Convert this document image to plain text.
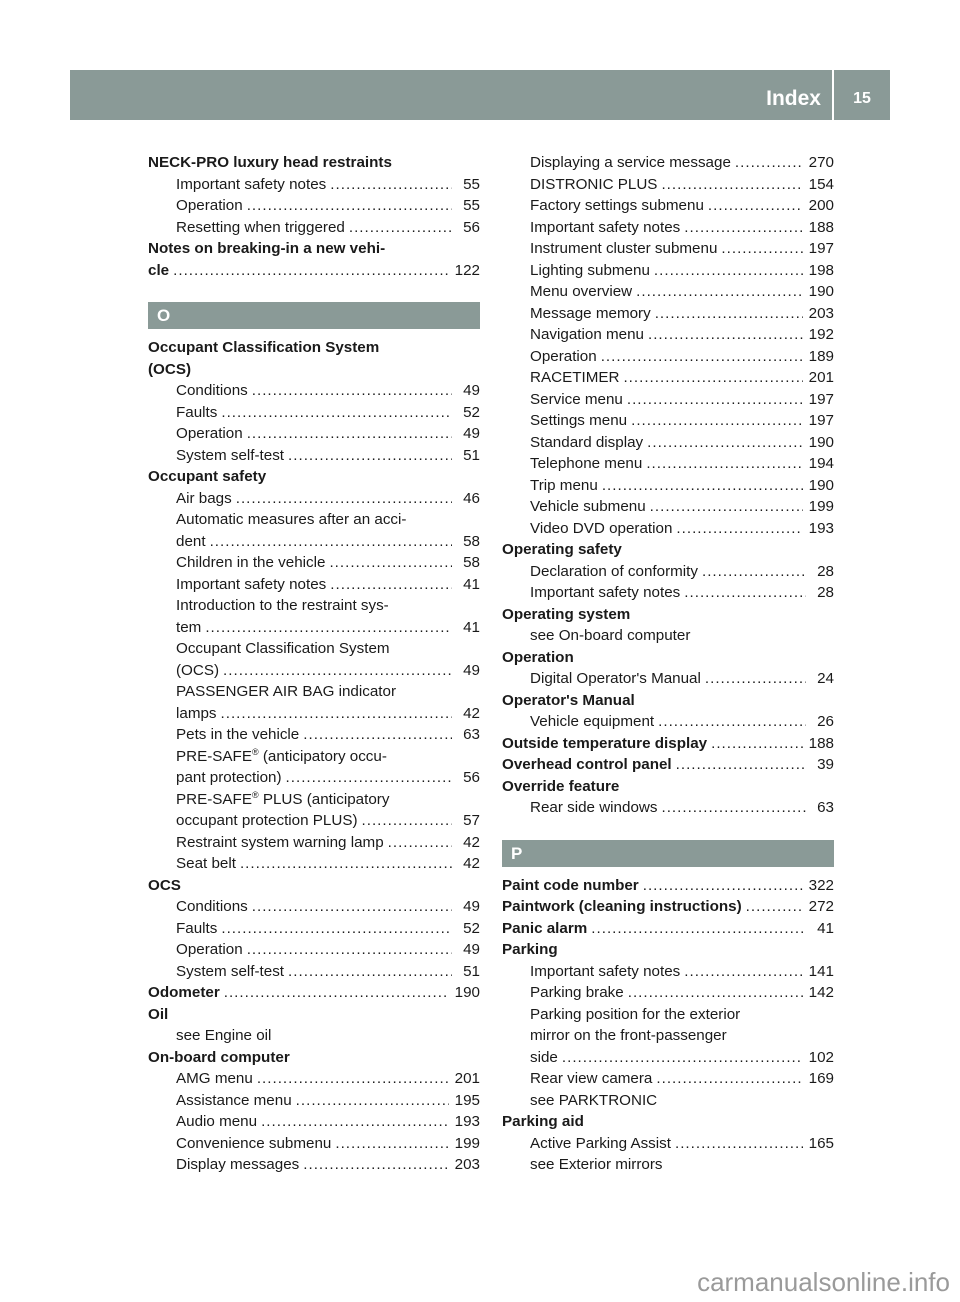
Index	15
NECK-PRO luxury head restraints
Important safety notes .....	55
Operation .....	55
Resetting when triggered .....	56
Notes on breaking-in a new vehi-
cle .....	122
O
Occupant Classification System
(OCS)
Conditions .....	49
Faults .....	52
Operation .....	49
System self-test .....	51
Occupant safety
Air bags .....	46
Automatic measures after an acci-
dent .....	58
Children in the vehicle .....	58
Important safety notes .....	41
Introduction to the restraint sys-
tem .....	41
Occupant Classification System
(OCS) .....	49
PASSENGER AIR BAG indicator
lamps .....	42
Pets in the vehicle .....	63
PRE-SAFE® (anticipatory occu-
pant protection) .....	56
PRE-SAFE® PLUS (anticipatory
occupant protection PLUS) .....	57
Restraint system warning lamp .....	42
Seat belt .....	42
OCS
Conditions .....	49
Faults .....	52
Operation .....	49
System self-test .....	51
Odometer .....	190
Oil
see Engine oil
On-board computer
AMG menu .....	201
Assistance menu .....	195
Audio menu .....	193
Convenience submenu .....	199
Display messages .....	203
Displaying a service message .....	270
DISTRONIC PLUS .....	154
Factory settings submenu .....	200
Important safety notes .....	188
Instrument cluster submenu .....	197
Lighting submenu .....	198
Menu overview .....	190
Message memory .....	203
Navigation menu .....	192
Operation .....	189
RACETIMER .....	201
Service menu .....	197
Settings menu .....	197
Standard display .....	190
Telephone menu .....	194
Trip menu .....	190
Vehicle submenu .....	199
Video DVD operation .....	193
Operating safety
Declaration of conformity .....	28
Important safety notes .....	28
Operating system
see On-board computer
Operation
Digital Operator's Manual .....	24
Operator's Manual
Vehicle equipment .....	26
Outside temperature display .....	188
Overhead control panel .....	39
Override feature
Rear side windows .....	63
P
Paint code number .....	322
Paintwork (cleaning instructions) .....	272
Panic alarm .....	41
Parking
Important safety notes .....	141
Parking brake .....	142
Parking position for the exterior
mirror on the front-passenger
side .....	102
Rear view camera .....	169
see PARKTRONIC
Parking aid
Active Parking Assist .....	165
see Exterior mirrors
carmanualsonline.info
